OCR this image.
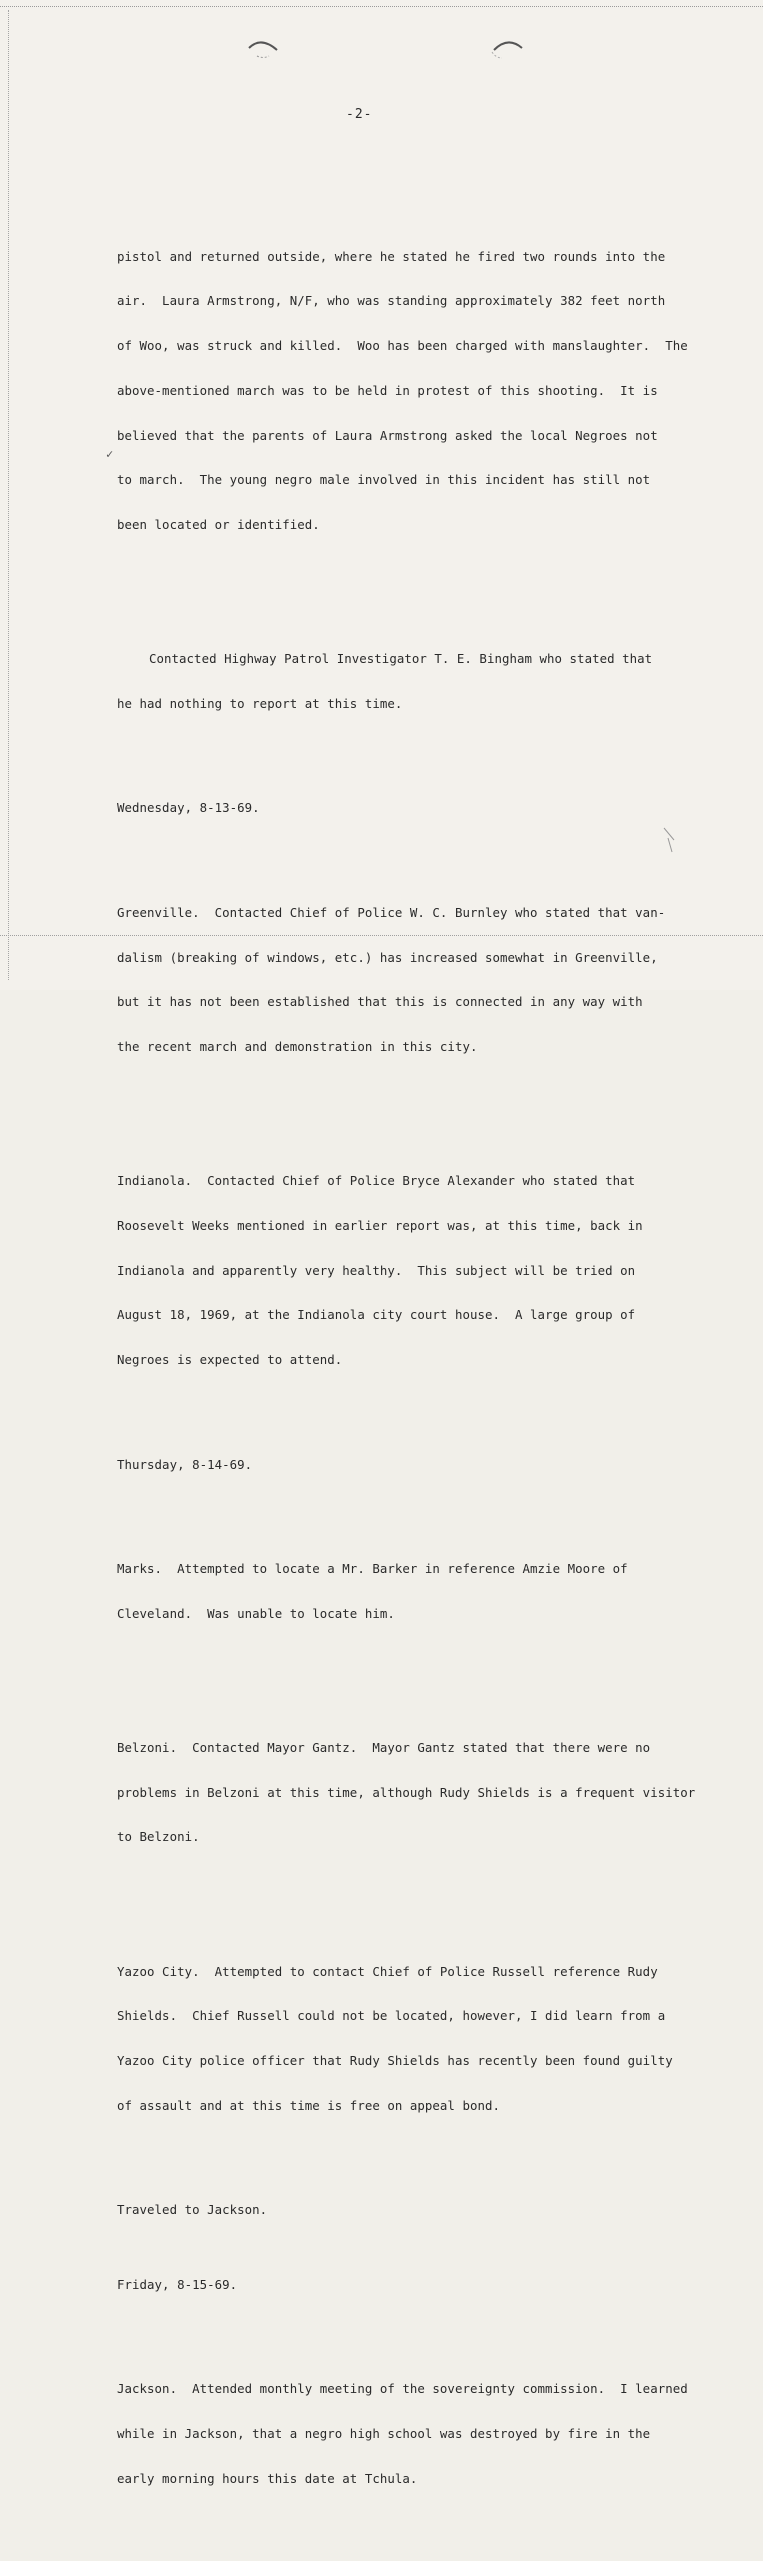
-2-
✓

pistol and returned outside, where he stated he fired two rounds into the

air.  Laura Armstrong, N/F, who was standing approximately 382 feet north

of Woo, was struck and killed.  Woo has been charged with manslaughter.  The

above-mentioned march was to be held in protest of this shooting.  It is

believed that the parents of Laura Armstrong asked the local Negroes not

to march.  The young negro male involved in this incident has still not

been located or identified.

Contacted Highway Patrol Investigator T. E. Bingham who stated that

he had nothing to report at this time.

Wednesday, 8-13-69.

Greenville.  Contacted Chief of Police W. C. Burnley who stated that van-

dalism (breaking of windows, etc.) has increased somewhat in Greenville,

but it has not been established that this is connected in any way with

the recent march and demonstration in this city.

Indianola.  Contacted Chief of Police Bryce Alexander who stated that

Roosevelt Weeks mentioned in earlier report was, at this time, back in

Indianola and apparently very healthy.  This subject will be tried on

August 18, 1969, at the Indianola city court house.  A large group of

Negroes is expected to attend.

Thursday, 8-14-69.

Marks.  Attempted to locate a Mr. Barker in reference Amzie Moore of

Cleveland.  Was unable to locate him.

Belzoni.  Contacted Mayor Gantz.  Mayor Gantz stated that there were no

problems in Belzoni at this time, although Rudy Shields is a frequent visitor

to Belzoni.

Yazoo City.  Attempted to contact Chief of Police Russell reference Rudy

Shields.  Chief Russell could not be located, however, I did learn from a

Yazoo City police officer that Rudy Shields has recently been found guilty

of assault and at this time is free on appeal bond.

Traveled to Jackson.

Friday, 8-15-69.

Jackson.  Attended monthly meeting of the sovereignty commission.  I learned

while in Jackson, that a negro high school was destroyed by fire in the

early morning hours this date at Tchula.
